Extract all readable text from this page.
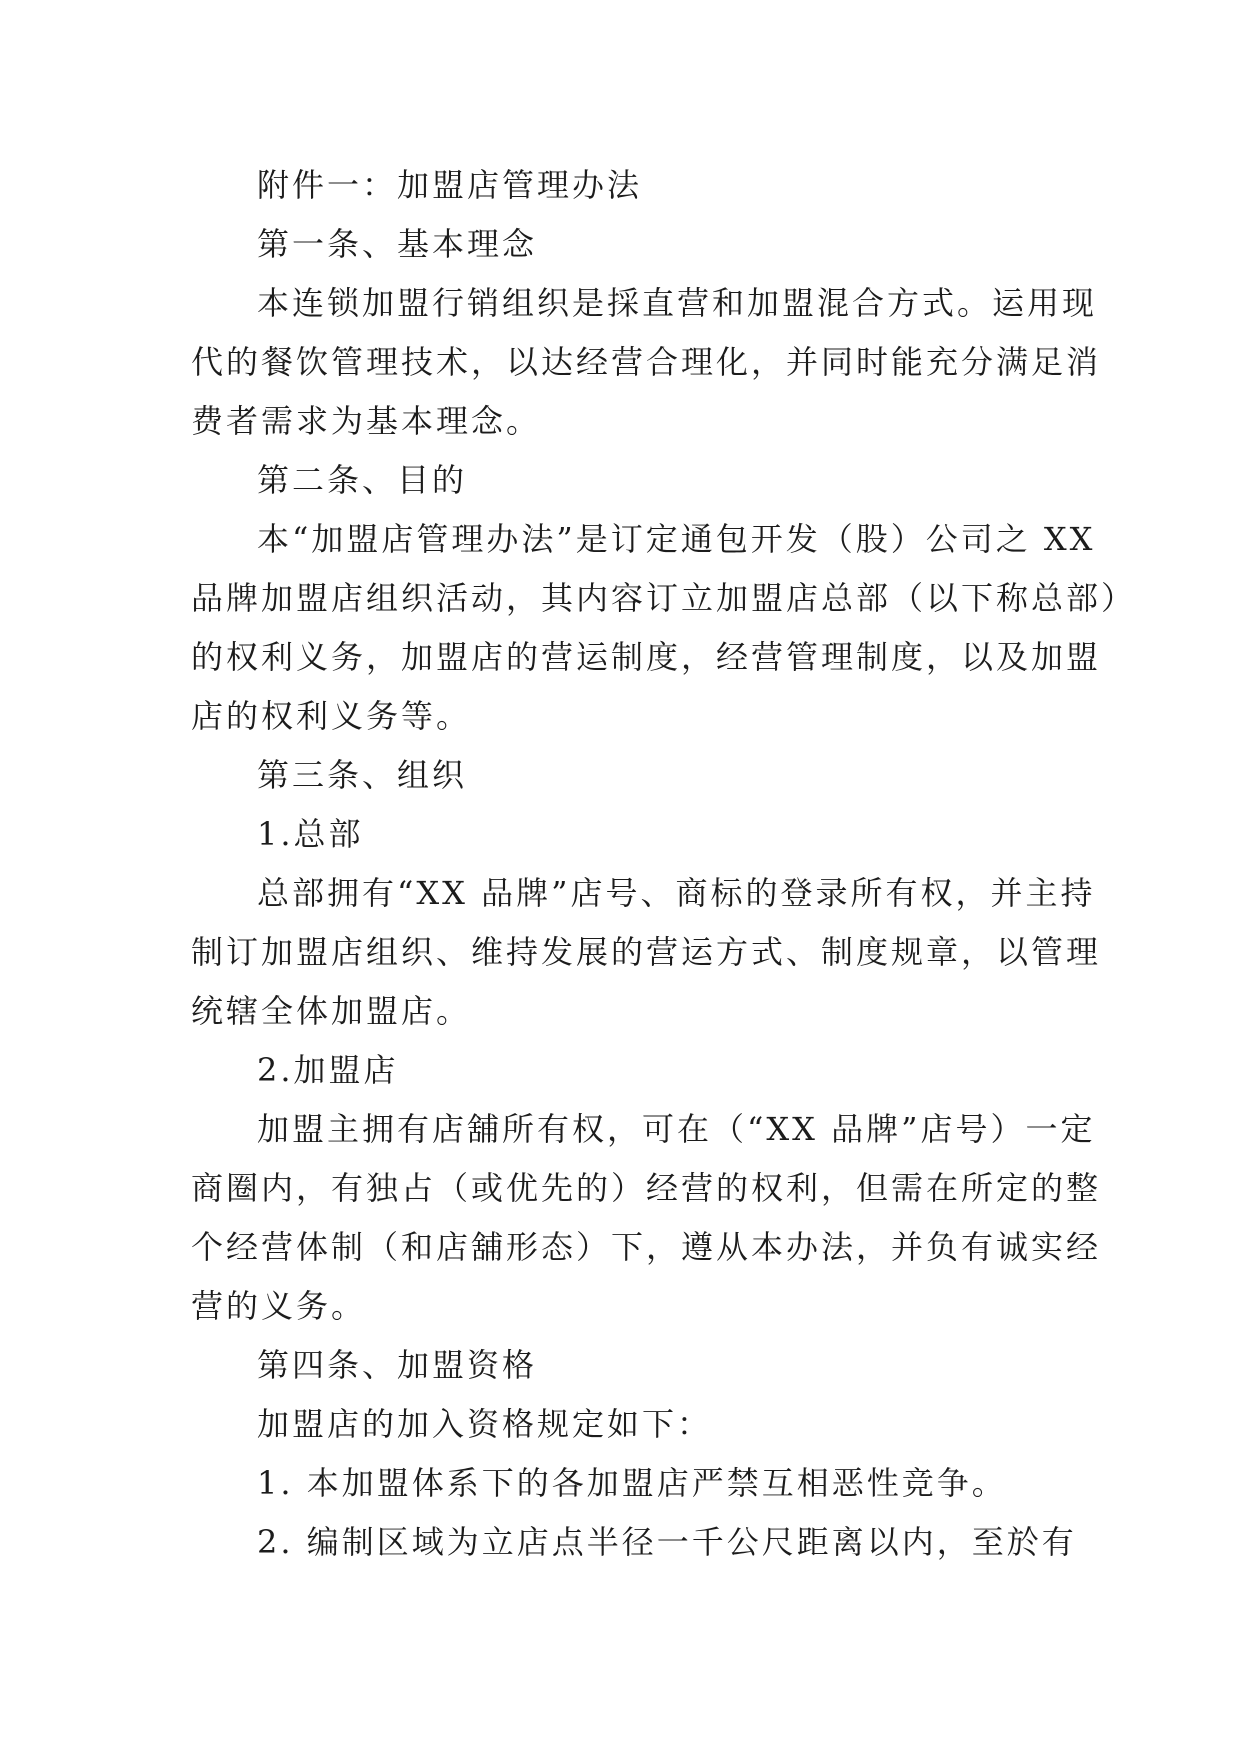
附件一：加盟店管理办法
第一条、基本理念
本连锁加盟行销组织是採直营和加盟混合方式。运用现
代的餐饮管理技术，以达经营合理化，并同时能充分满足消
费者需求为基本理念。
第二条、目的
本“加盟店管理办法”是订定通包开发（股）公司之 XX
品牌加盟店组织活动，其内容订立加盟店总部（以下称总部）
的权利义务，加盟店的营运制度，经营管理制度，以及加盟
店的权利义务等。
第三条、组织
1.总部
总部拥有“XX 品牌”店号、商标的登录所有权，并主持
制订加盟店组织、维持发展的营运方式、制度规章，以管理
统辖全体加盟店。
2.加盟店
加盟主拥有店舖所有权，可在（“XX 品牌”店号）一定
商圈内，有独占（或优先的）经营的权利，但需在所定的整
个经营体制（和店舖形态）下，遵从本办法，并负有诚实经
营的义务。
第四条、加盟资格
加盟店的加入资格规定如下：
1. 本加盟体系下的各加盟店严禁互相恶性竞争。
2. 编制区域为立店点半径一千公尺距离以内，至於有
